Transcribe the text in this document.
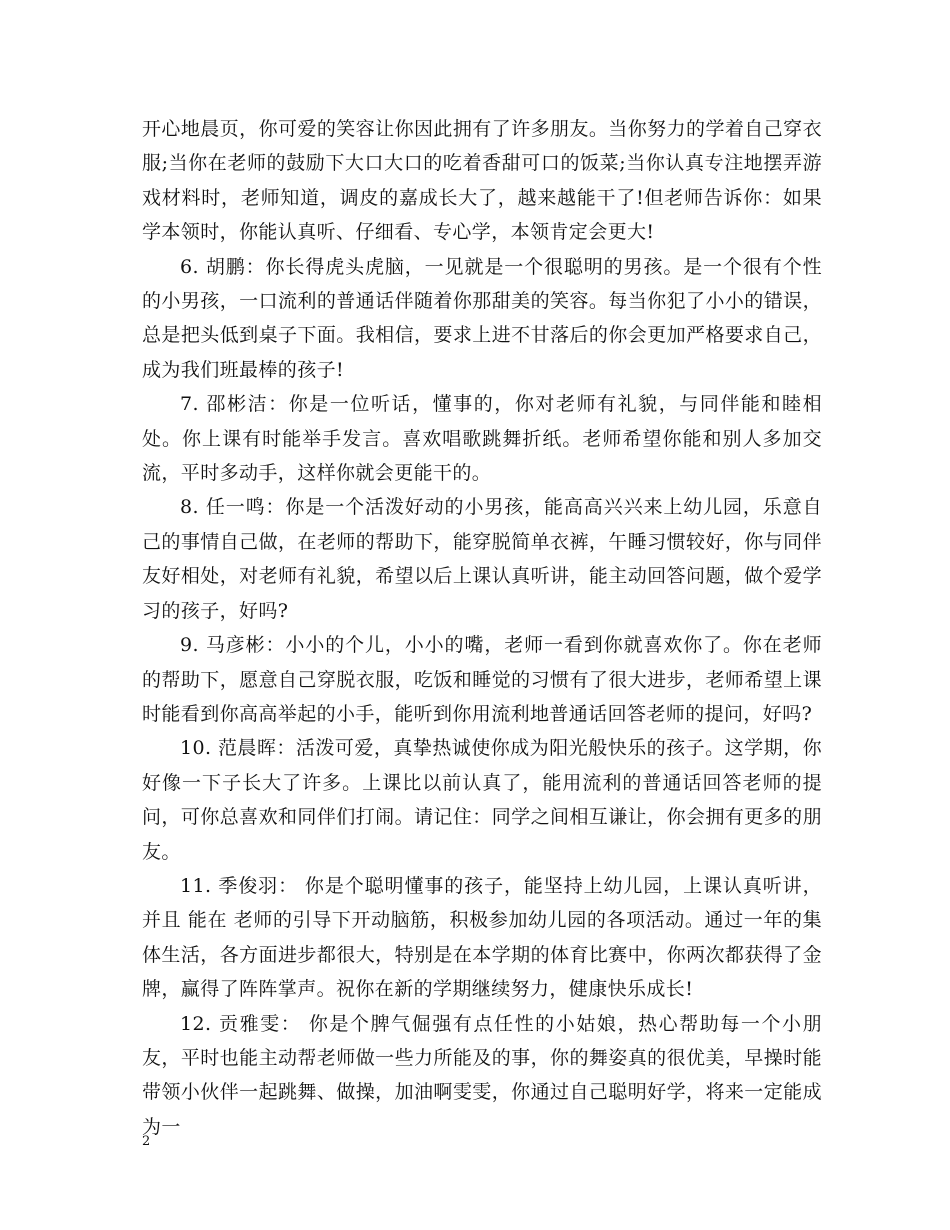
开心地晨页，你可爱的笑容让你因此拥有了许多朋友。当你努力的学着自己穿衣服;当你在老师的鼓励下大口大口的吃着香甜可口的饭菜;当你认真专注地摆弄游戏材料时，老师知道，调皮的嘉成长大了，越来越能干了!但老师告诉你：如果学本领时，你能认真听、仔细看、专心学，本领肯定会更大!

6. 胡鹏：你长得虎头虎脑，一见就是一个很聪明的男孩。是一个很有个性的小男孩，一口流利的普通话伴随着你那甜美的笑容。每当你犯了小小的错误，总是把头低到桌子下面。我相信，要求上进不甘落后的你会更加严格要求自己，成为我们班最棒的孩子!

7. 邵彬洁：你是一位听话，懂事的，你对老师有礼貌，与同伴能和睦相处。你上课有时能举手发言。喜欢唱歌跳舞折纸。老师希望你能和别人多加交流，平时多动手，这样你就会更能干的。

8. 任一鸣：你是一个活泼好动的小男孩，能高高兴兴来上幼儿园，乐意自己的事情自己做，在老师的帮助下，能穿脱简单衣裤，午睡习惯较好，你与同伴友好相处，对老师有礼貌，希望以后上课认真听讲，能主动回答问题，做个爱学习的孩子，好吗?

9. 马彦彬：小小的个儿，小小的嘴，老师一看到你就喜欢你了。你在老师的帮助下，愿意自己穿脱衣服，吃饭和睡觉的习惯有了很大进步，老师希望上课时能看到你高高举起的小手，能听到你用流利地普通话回答老师的提问，好吗?

10. 范晨晖：活泼可爱，真挚热诚使你成为阳光般快乐的孩子。这学期，你好像一下子长大了许多。上课比以前认真了，能用流利的普通话回答老师的提问，可你总喜欢和同伴们打闹。请记住：同学之间相互谦让，你会拥有更多的朋友。

11. 季俊羽： 你是个聪明懂事的孩子，能坚持上幼儿园，上课认真听讲，并且 能在 老师的引导下开动脑筋，积极参加幼儿园的各项活动。通过一年的集体生活，各方面进步都很大，特别是在本学期的体育比赛中，你两次都获得了金牌，赢得了阵阵掌声。祝你在新的学期继续努力，健康快乐成长!

12. 贡雅雯： 你是个脾气倔强有点任性的小姑娘，热心帮助每一个小朋友，平时也能主动帮老师做一些力所能及的事，你的舞姿真的很优美，早操时能带领小伙伴一起跳舞、做操，加油啊雯雯，你通过自己聪明好学，将来一定能成为一

2
